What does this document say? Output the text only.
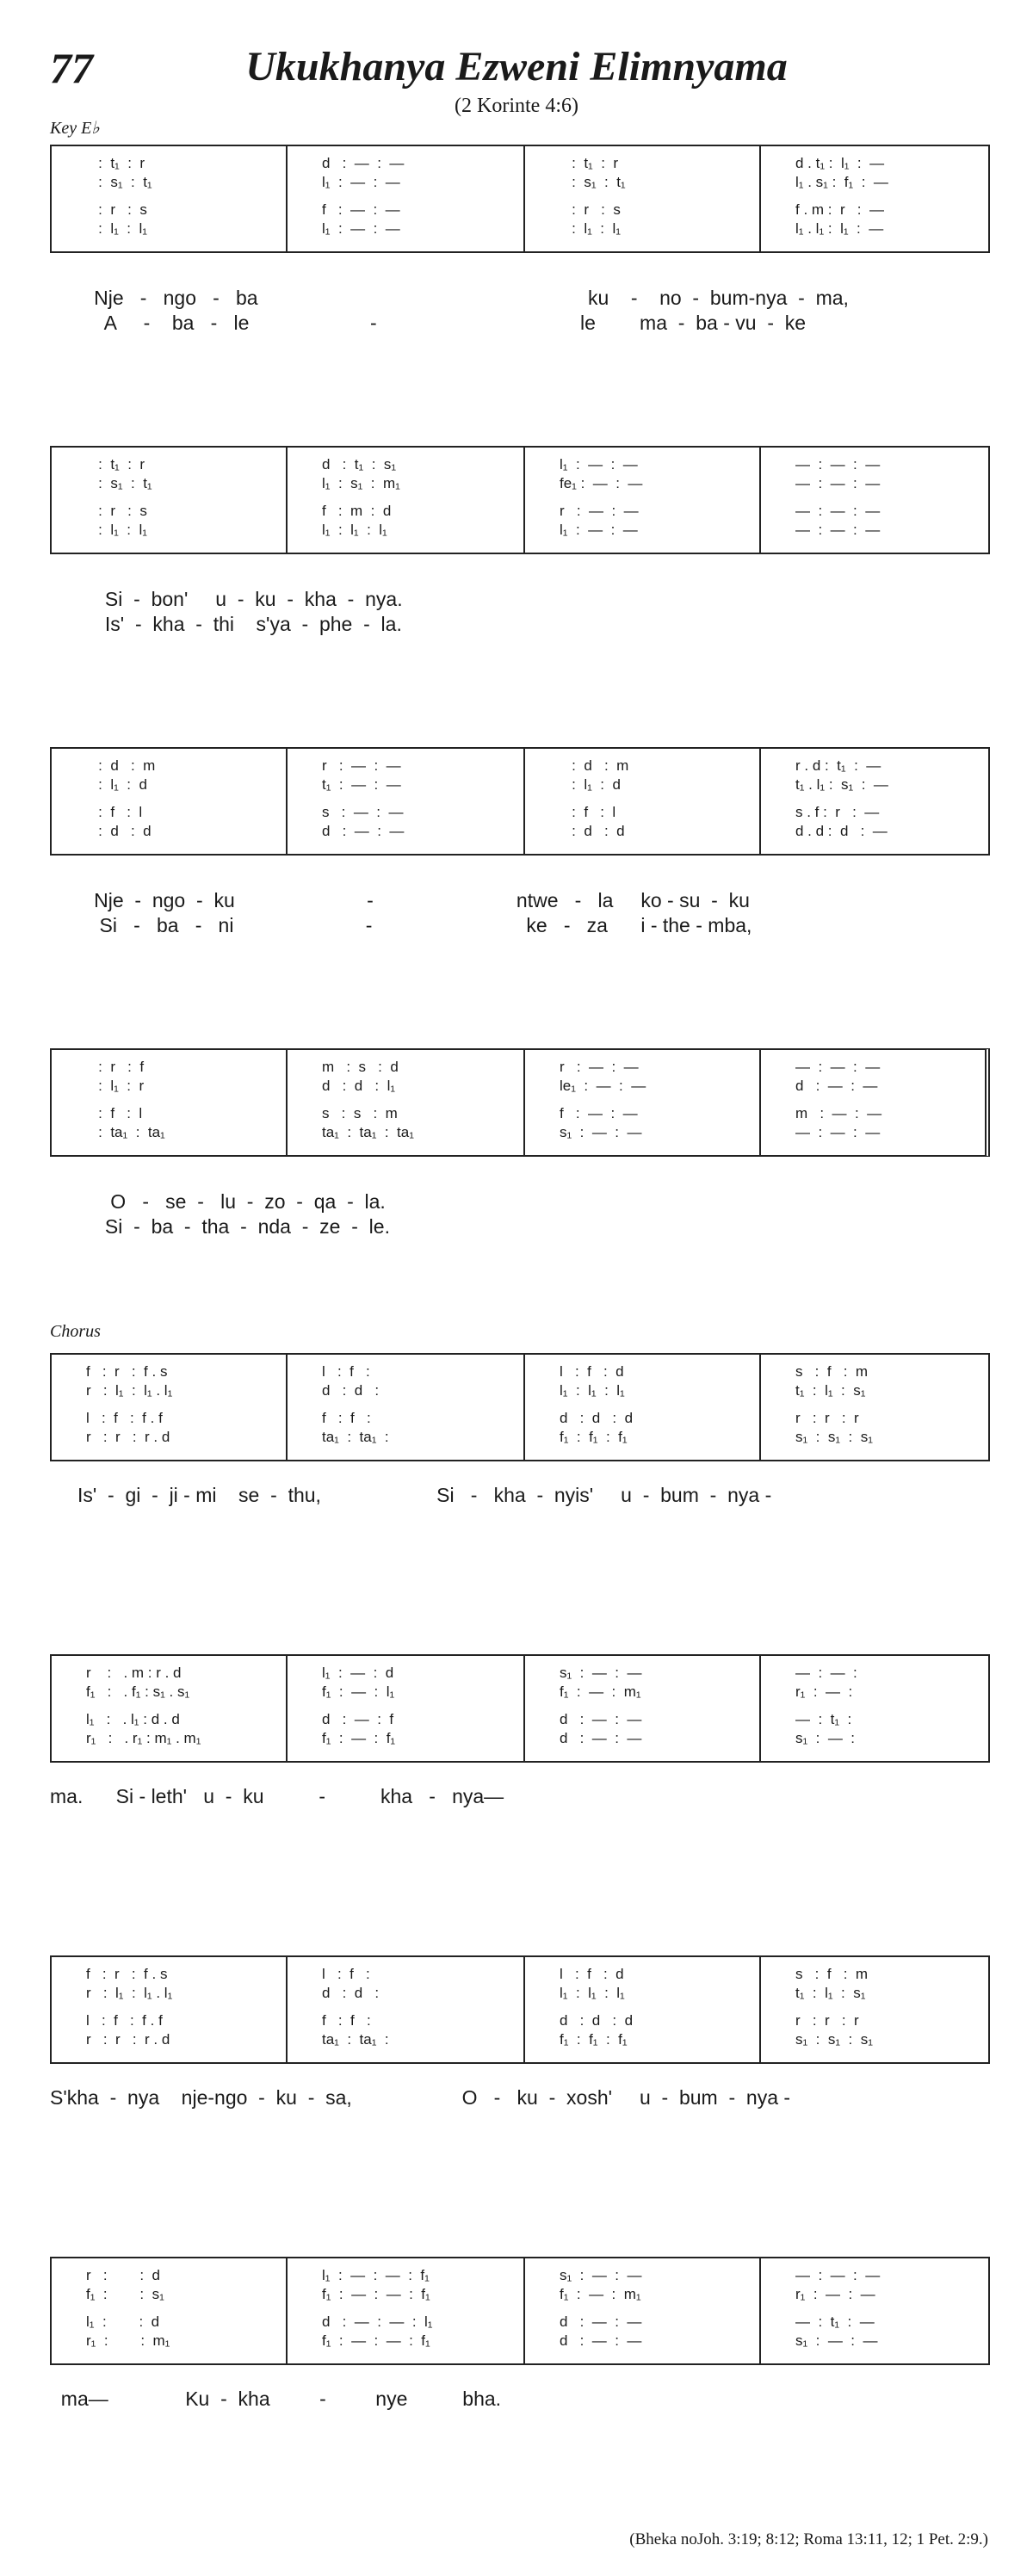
77	Ukukhanya Ezweni Elimnyama
(2 Korinte 4:6)
Key E♭
Chorus
(Bheka noJoh. 3:19; 8:12; Roma 13:11, 12; 1 Pet. 2:9.)
:  t₁  :  r
:  s₁  :  t₁
:  r   :  s
:  l₁  :  l₁
d   :  —  :  —
l₁  :  —  :  —
f   :  —  :  —
l₁  :  —  :  —
:  t₁  :  r
:  s₁  :  t₁
:  r   :  s
:  l₁  :  l₁
d . t₁ :  l₁  :  —
l₁ . s₁ :  f₁  :  —
f . m :  r   :  —
l₁ . l₁ :  l₁  :  —
Nje   -   ngo   -   ba                                                            ku    -    no  -  bum-nya  -  ma,
A     -    ba   -   le                      -                                     le        ma  -  ba - vu  -  ke
:  t₁  :  r
:  s₁  :  t₁
:  r   :  s
:  l₁  :  l₁
d   :  t₁  :  s₁
l₁  :  s₁  :  m₁
f   :  m  :  d
l₁  :  l₁  :  l₁
l₁  :  —  :  —
fe₁ :  —  :  —
r   :  —  :  —
l₁  :  —  :  —
—  :  —  :  —
—  :  —  :  —
—  :  —  :  —
—  :  —  :  —
Si  -  bon'     u  -  ku  -  kha  -  nya.
Is'  -  kha  -  thi    s'ya  -  phe  -  la.
:  d   :  m
:  l₁  :  d
:  f   :  l
:  d   :  d
r   :  —  :  —
t₁  :  —  :  —
s   :  —  :  —
d   :  —  :  —
:  d   :  m
:  l₁  :  d
:  f   :  l
:  d   :  d
r . d :  t₁  :  —
t₁ . l₁ :  s₁  :  —
s . f :  r   :  —
d . d :  d   :  —
Nje  -  ngo  -  ku                        -                          ntwe   -   la     ko - su  -  ku
Si   -   ba   -   ni                        -                            ke   -   za      i - the - mba,
:  r   :  f
:  l₁  :  r
:  f   :  l
:  ta₁  :  ta₁
m   :  s   :  d
d   :  d   :  l₁
s   :  s   :  m
ta₁  :  ta₁  :  ta₁
r   :  —  :  —
le₁  :  —  :  —
f   :  —  :  —
s₁  :  —  :  —
—  :  —  :  —
d   :  —  :  —
m   :  —  :  —
—  :  —  :  —
O   -   se  -   lu  -  zo  -  qa  -  la.
Si  -  ba  -  tha  -  nda  -  ze  -  le.
f   :  r   :  f . s
r   :  l₁  :  l₁ . l₁
l   :  f   :  f . f
r   :  r   :  r . d
l   :  f   :
d   :  d   :
f   :  f   :
ta₁  :  ta₁  :
l   :  f   :  d
l₁  :  l₁  :  l₁
d   :  d   :  d
f₁  :  f₁  :  f₁
s   :  f   :  m
t₁  :  l₁  :  s₁
r   :  r   :  r
s₁  :  s₁  :  s₁
Is'  -  gi  -  ji - mi    se  -  thu,                     Si   -   kha  -  nyis'     u  -  bum  -  nya -
r    :   . m : r . d
f₁   :   . f₁ : s₁ . s₁
l₁   :   . l₁ : d . d
r₁   :   . r₁ : m₁ . m₁
l₁  :  —  :  d
f₁  :  —  :  l₁
d   :  —  :  f
f₁  :  —  :  f₁
s₁  :  —  :  —
f₁  :  —  :  m₁
d   :  —  :  —
d   :  —  :  —
—  :  —  :
r₁  :  —  :
—  :  t₁  :
s₁  :  —  :
ma.      Si - leth'   u  -  ku          -          kha   -   nya—
f   :  r   :  f . s
r   :  l₁  :  l₁ . l₁
l   :  f   :  f . f
r   :  r   :  r . d
l   :  f   :
d   :  d   :
f   :  f   :
ta₁  :  ta₁  :
l   :  f   :  d
l₁  :  l₁  :  l₁
d   :  d   :  d
f₁  :  f₁  :  f₁
s   :  f   :  m
t₁  :  l₁  :  s₁
r   :  r   :  r
s₁  :  s₁  :  s₁
S'kha  -  nya    nje-ngo  -  ku  -  sa,                    O   -   ku  -  xosh'     u  -  bum  -  nya -
r   :        :  d
f₁  :        :  s₁
l₁  :        :  d
r₁  :        :  m₁
l₁  :  —  :  —  :  f₁
f₁  :  —  :  —  :  f₁
d   :  —  :  —  :  l₁
f₁  :  —  :  —  :  f₁
s₁  :  —  :  —
f₁  :  —  :  m₁
d   :  —  :  —
d   :  —  :  —
—  :  —  :  —
r₁  :  —  :  —
—  :  t₁  :  —
s₁  :  —  :  —
ma—              Ku  -  kha         -         nye          bha.
